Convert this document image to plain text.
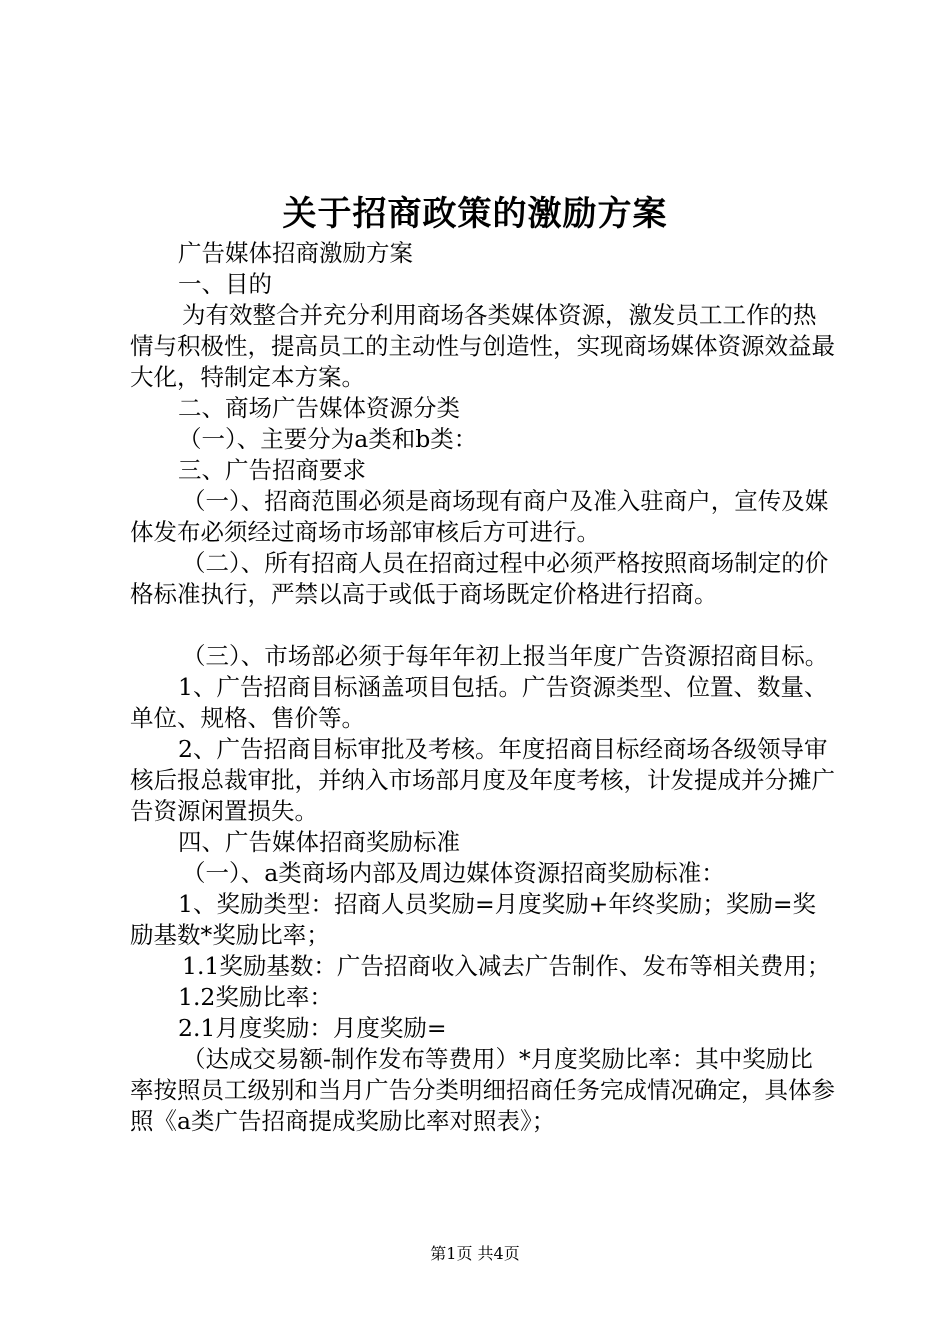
关于招商政策的激励方案

广告媒体招商激励方案

一、目的

为有效整合并充分利用商场各类媒体资源，激发员工工作的热情与积极性，提高员工的主动性与创造性，实现商场媒体资源效益最大化，特制定本方案。

二、商场广告媒体资源分类

（一）、主要分为a类和b类：

三、广告招商要求

（一）、招商范围必须是商场现有商户及准入驻商户，宣传及媒体发布必须经过商场市场部审核后方可进行。

（二）、所有招商人员在招商过程中必须严格按照商场制定的价格标准执行，严禁以高于或低于商场既定价格进行招商。

（三）、市场部必须于每年年初上报当年度广告资源招商目标。

1、广告招商目标涵盖项目包括。广告资源类型、位置、数量、单位、规格、售价等。

2、广告招商目标审批及考核。年度招商目标经商场各级领导审核后报总裁审批，并纳入市场部月度及年度考核，计发提成并分摊广告资源闲置损失。

四、广告媒体招商奖励标准

（一）、a类商场内部及周边媒体资源招商奖励标准：

1、奖励类型：招商人员奖励=月度奖励+年终奖励；奖励=奖励基数*奖励比率；

1.1奖励基数：广告招商收入减去广告制作、发布等相关费用；

1.2奖励比率：

2.1月度奖励：月度奖励=

（达成交易额-制作发布等费用）*月度奖励比率：其中奖励比率按照员工级别和当月广告分类明细招商任务完成情况确定，具体参照《a类广告招商提成奖励比率对照表》；

第1页 共4页
